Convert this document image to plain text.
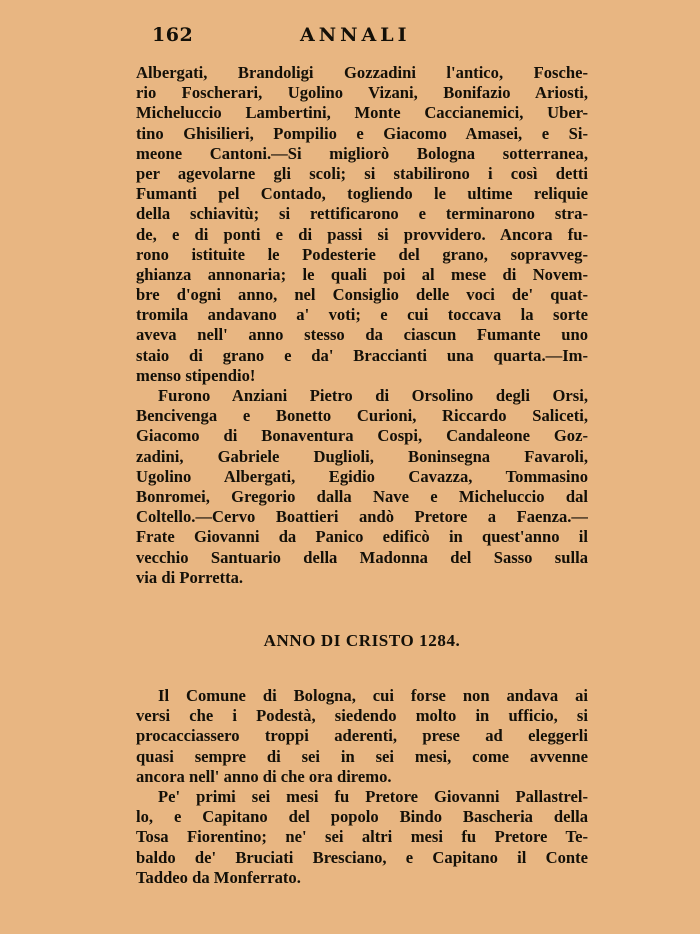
162	ANNALI
Albergati, Brandoligi Gozzadini l'antico, Fosche-
rio Foscherari, Ugolino Vizani, Bonifazio Ariosti,
Micheluccio Lambertini, Monte Caccianemici, Uber-
tino Ghisilieri, Pompilio e Giacomo Amasei, e Si-
meone Cantoni.—Si migliorò Bologna sotterranea,
per agevolarne gli scoli; si stabilirono i così detti
Fumanti pel Contado, togliendo le ultime reliquie
della schiavitù; si rettificarono e terminarono stra-
de, e di ponti e di passi si provvidero. Ancora fu-
rono istituite le Podesterie del grano, sopravveg-
ghianza annonaria; le quali poi al mese di Novem-
bre d'ogni anno, nel Consiglio delle voci de' quat-
tromila andavano a' voti; e cui toccava la sorte
aveva nell' anno stesso da ciascun Fumante uno
staio di grano e da' Braccianti una quarta.—Im-
menso stipendio!
Furono Anziani Pietro di Orsolino degli Orsi,
Bencivenga e Bonetto Curioni, Riccardo Saliceti,
Giacomo di Bonaventura Cospi, Candaleone Goz-
zadini, Gabriele Duglioli, Boninsegna Favaroli,
Ugolino Albergati, Egidio Cavazza, Tommasino
Bonromei, Gregorio dalla Nave e Micheluccio dal
Coltello.—Cervo Boattieri andò Pretore a Faenza.—
Frate Giovanni da Panico edificò in quest'anno il
vecchio Santuario della Madonna del Sasso sulla
via di Porretta.
ANNO DI CRISTO 1284.
Il Comune di Bologna, cui forse non andava ai
versi che i Podestà, siedendo molto in ufficio, si
procacciassero troppi aderenti, prese ad eleggerli
quasi sempre di sei in sei mesi, come avvenne
ancora nell' anno di che ora diremo.
Pe' primi sei mesi fu Pretore Giovanni Pallastrel-
lo, e Capitano del popolo Bindo Bascheria della
Tosa Fiorentino; ne' sei altri mesi fu Pretore Te-
baldo de' Bruciati Bresciano, e Capitano il Conte
Taddeo da Monferrato.
